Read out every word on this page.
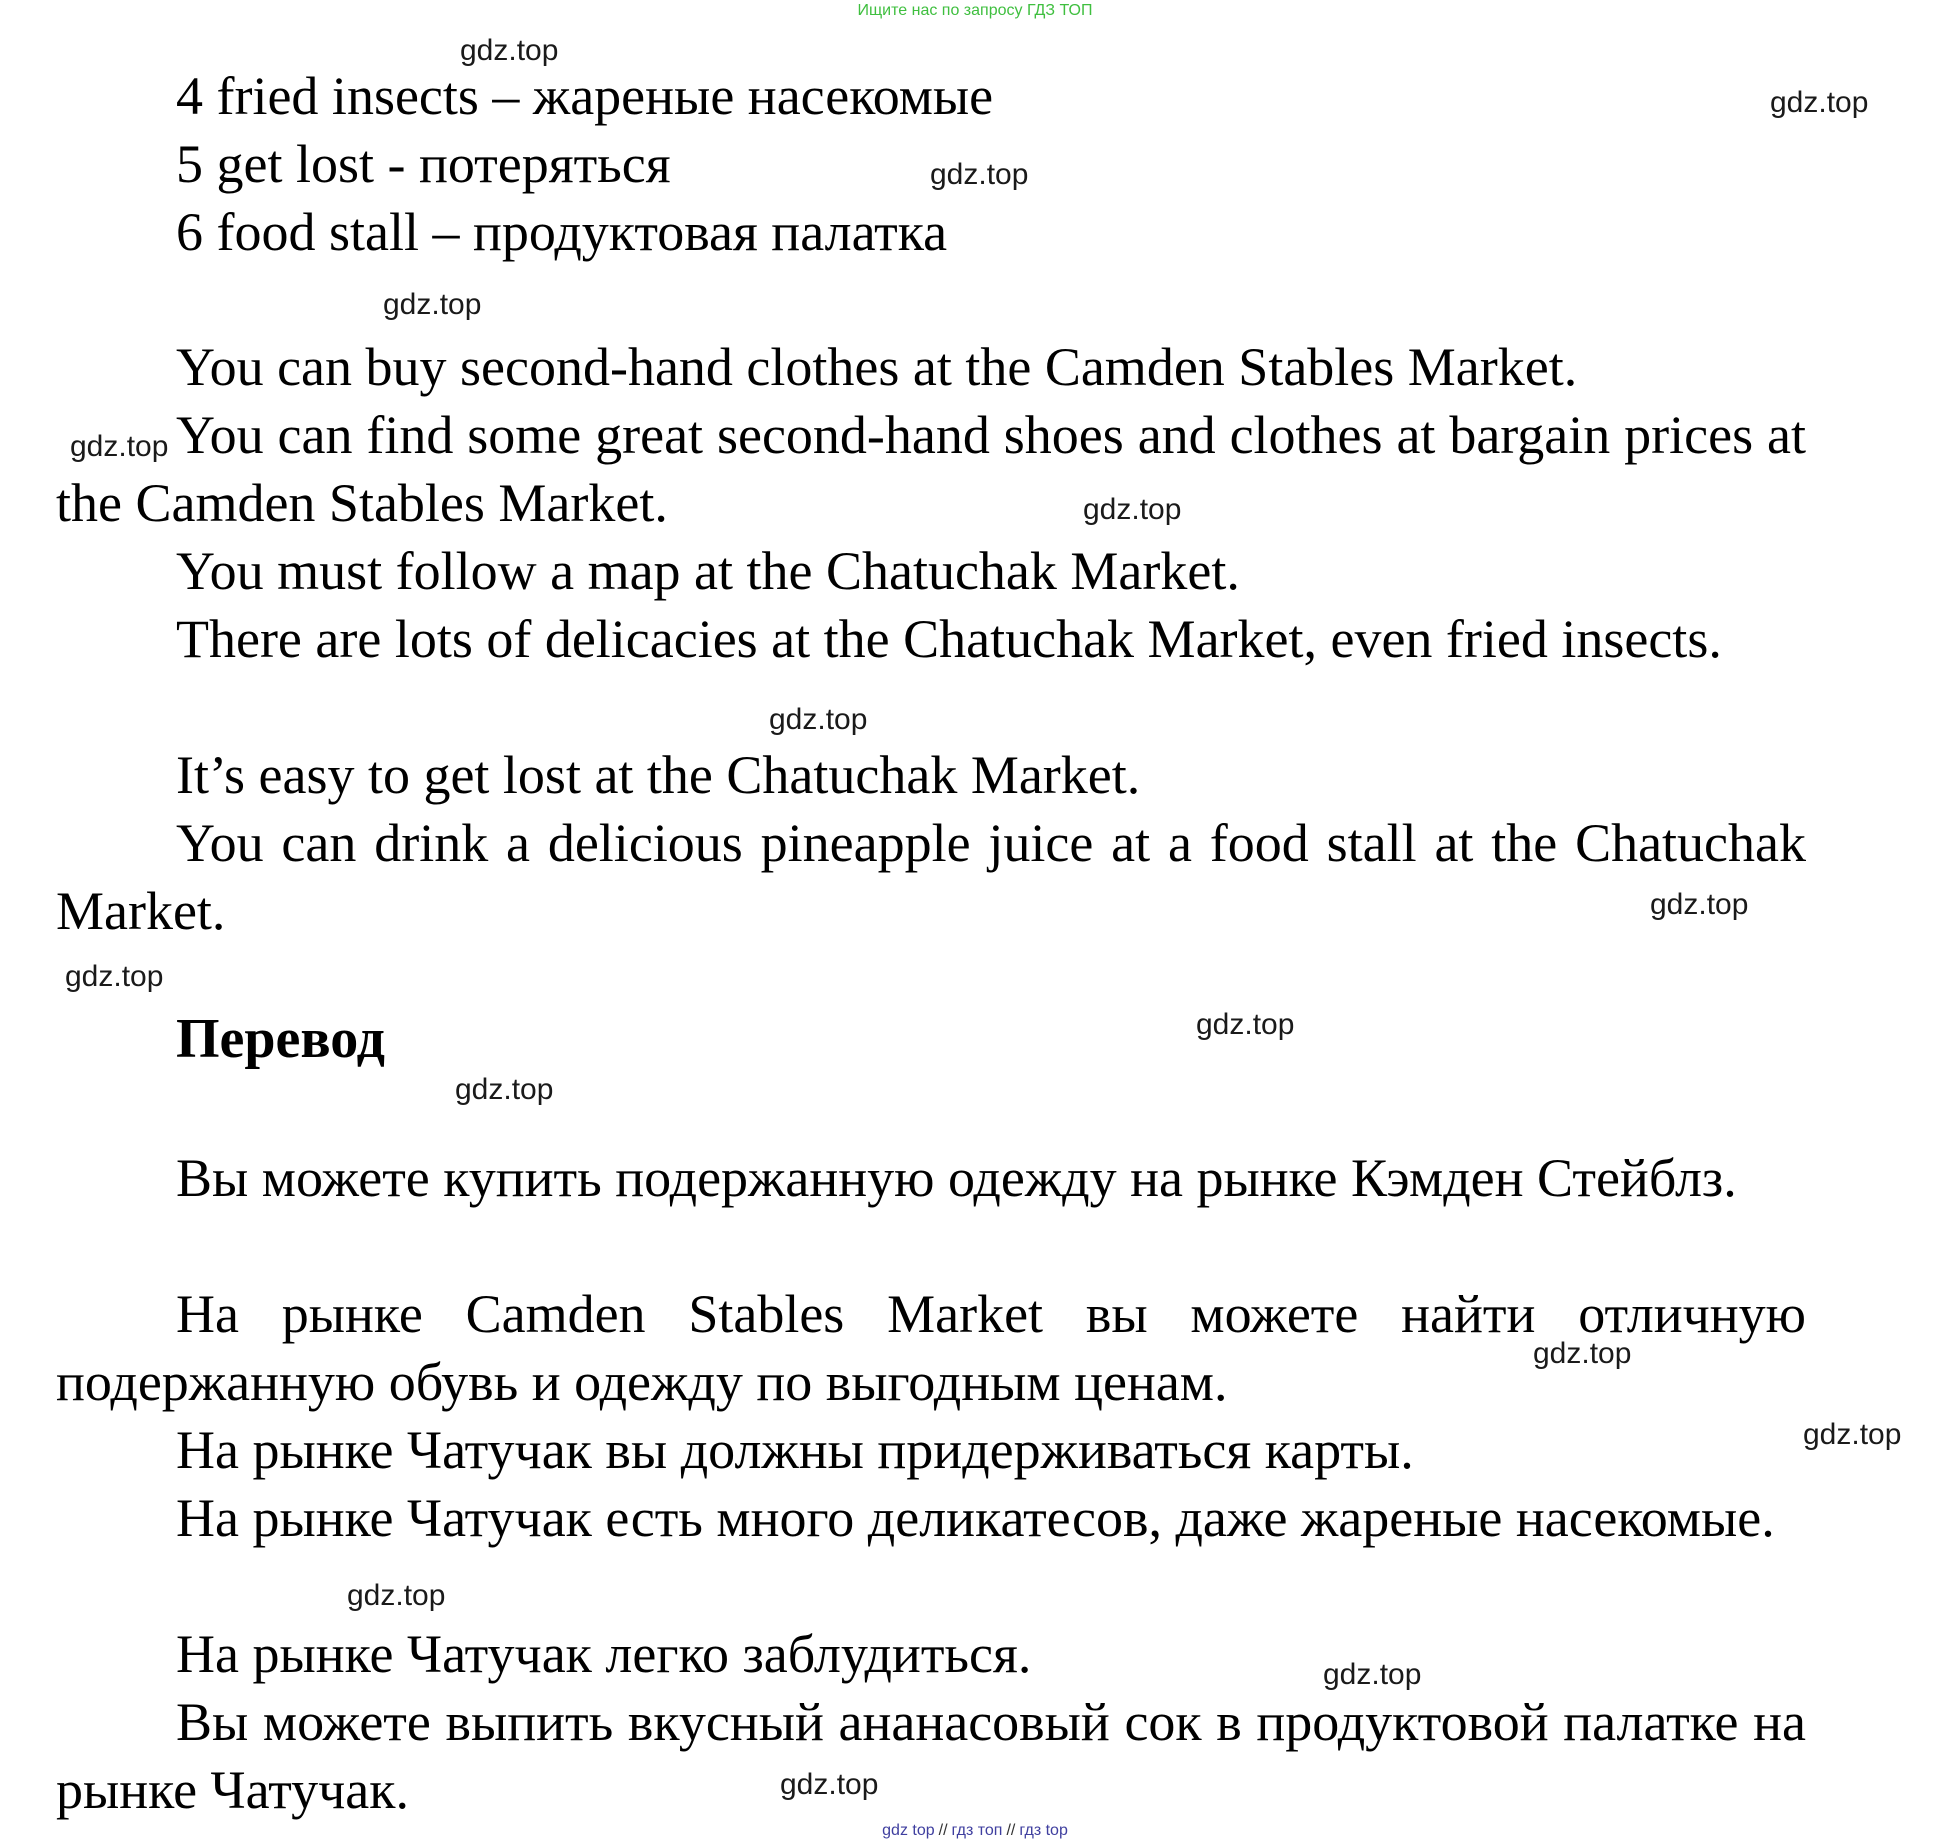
Ищите нас по запросу ГДЗ ТОП

4 fried insects – жареные насекомые

5 get lost - потеряться

6 food stall – продуктовая палатка

You can buy second-hand clothes at the Camden Stables Market.

You can find some great second-hand shoes and clothes at bargain prices at the Camden Stables Market.

You must follow a map at the Chatuchak Market.

There are lots of delicacies at the Chatuchak Market, even fried insects.

It’s easy to get lost at the Chatuchak Market.

You can drink a delicious pineapple juice at a food stall at the Chatuchak Market.

Перевод

Вы можете купить подержанную одежду на рынке Кэмден Стейблз.

На рынке Camden Stables Market вы можете найти отличную подержанную обувь и одежду по выгодным ценам.

На рынке Чатучак вы должны придерживаться карты.

На рынке Чатучак есть много деликатесов, даже жареные насекомые.

На рынке Чатучак легко заблудиться.

Вы можете выпить вкусный ананасовый сок в продуктовой палатке на рынке Чатучак.

gdz.top
gdz.top
gdz.top
gdz.top
gdz.top
gdz.top
gdz.top
gdz.top
gdz.top
gdz.top
gdz.top
gdz.top
gdz.top
gdz.top
gdz.top
gdz.top
gdz top // гдз топ // гдз top
